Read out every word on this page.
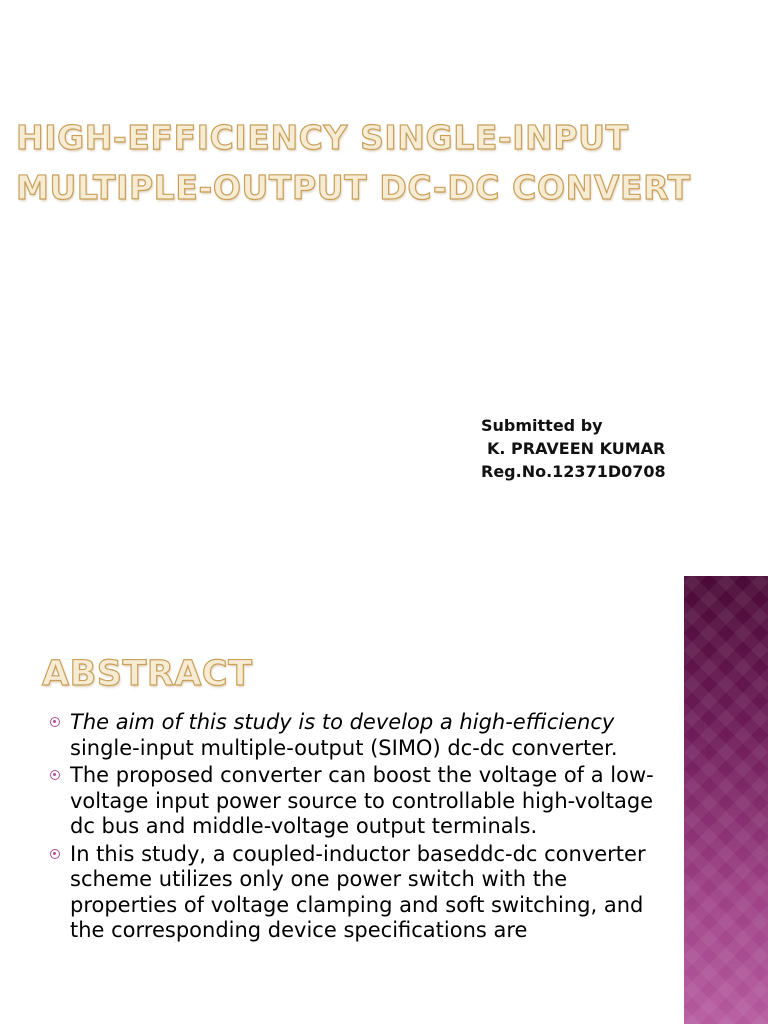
HIGH-EFFICIENCY SINGLE-INPUT
MULTIPLE-OUTPUT DC-DC CONVERT
Submitted by
K. PRAVEEN KUMAR
Reg.No.12371D0708
ABSTRACT
The aim of this study is to develop a high-efficiency single-input multiple-output (SIMO) dc-dc converter.
The proposed converter can boost the voltage of a low-voltage input power source to controllable high-voltage dc bus and middle-voltage output terminals.
In this study, a coupled-inductor baseddc-dc converter scheme utilizes only one power switch with the properties of voltage clamping and soft switching, and the corresponding device specifications are
